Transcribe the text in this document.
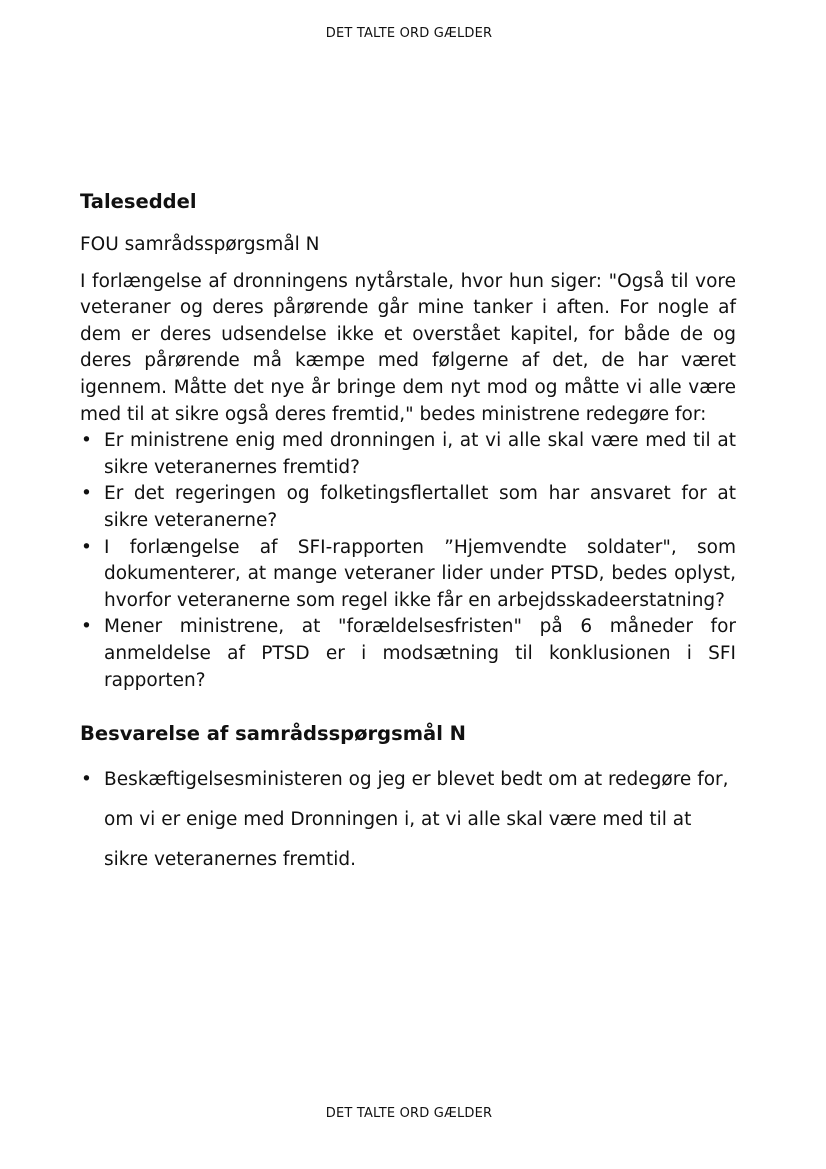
DET TALTE ORD GÆLDER
Taleseddel

FOU samrådsspørgsmål N

I forlængelse af dronningens nytårstale, hvor hun siger: "Også til vore veteraner og deres pårørende går mine tanker i aften. For nogle af dem er deres udsendelse ikke et overstået kapitel, for både de og deres pårørende må kæmpe med følgerne af det, de har været igennem. Måtte det nye år bringe dem nyt mod og måtte vi alle være med til at sikre også deres fremtid," bedes ministrene redegøre for:

• Er ministrene enig med dronningen i, at vi alle skal være med til at sikre veteranernes fremtid?
• Er det regeringen og folketingsflertallet som har ansvaret for at sikre veteranerne?
• I forlængelse af SFI-rapporten ”Hjemvendte soldater", som dokumenterer, at mange veteraner lider under PTSD, bedes oplyst, hvorfor veteranerne som regel ikke får en arbejdsskadeerstatning?
• Mener ministrene, at "forældelsesfristen" på 6 måneder for anmeldelse af PTSD er i modsætning til konklusionen i SFI rapporten?
Besvarelse af samrådsspørgsmål N
• Beskæftigelsesministeren og jeg er blevet bedt om at redegøre for, om vi er enige med Dronningen i, at vi alle skal være med til at sikre veteranernes fremtid.
DET TALTE ORD GÆLDER
